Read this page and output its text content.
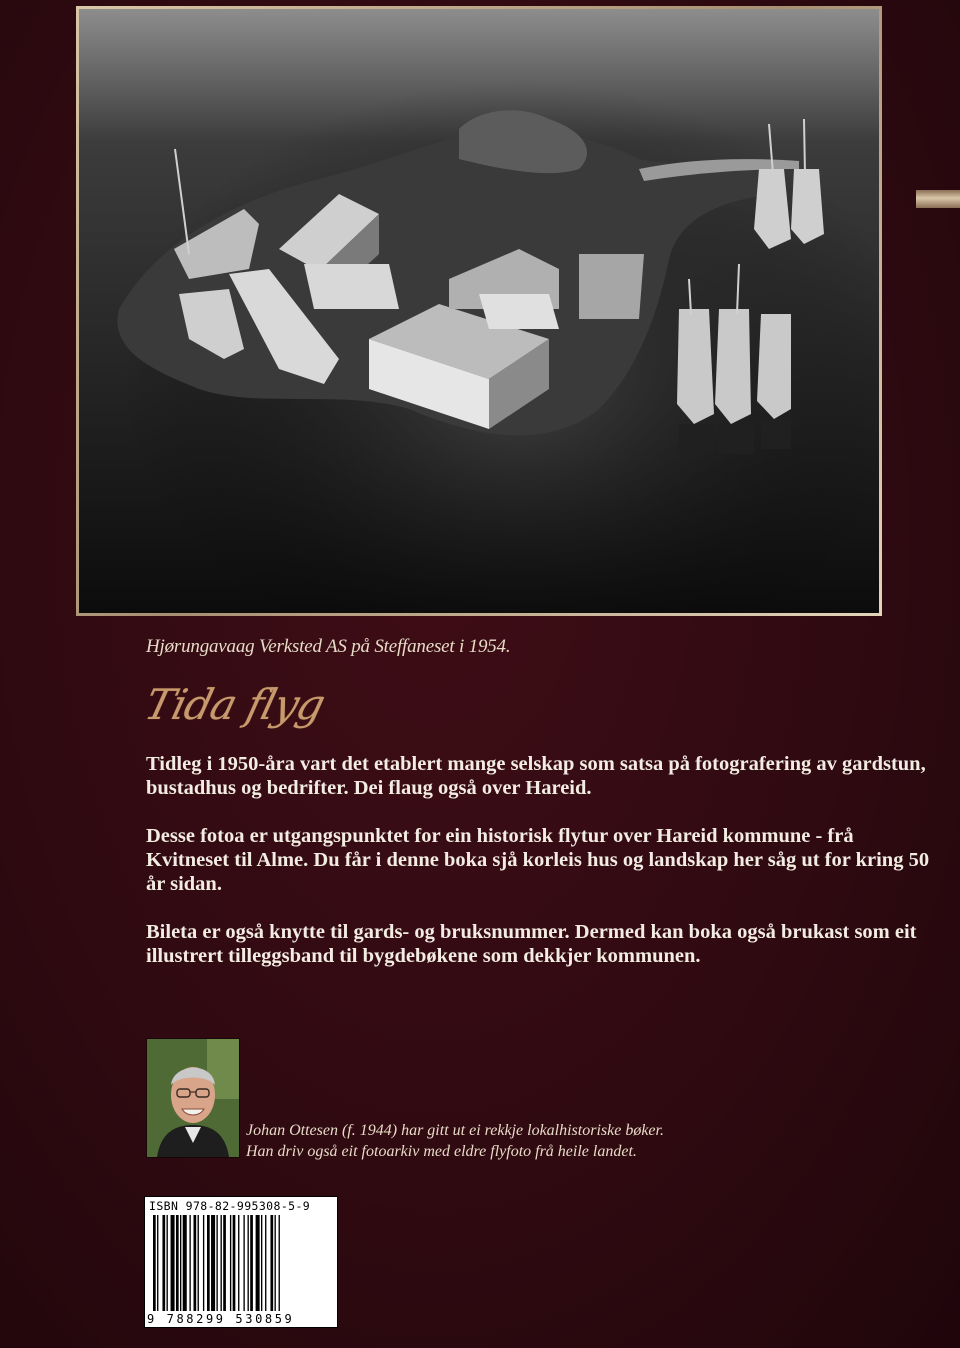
Hjørungavaag Verksted AS på Steffaneset i 1954.
Tida flyg

Tidleg i 1950-åra vart det etablert mange selskap som satsa på fotografering av gardstun, bustadhus og bedrifter. Dei flaug også over Hareid.

Desse fotoa er utgangspunktet for ein historisk flytur over Hareid kommune - frå Kvitneset til Alme. Du får i denne boka sjå korleis hus og landskap her såg ut for kring 50 år sidan.

Bileta er også knytte til gards- og bruksnummer. Dermed kan boka også brukast som eit illustrert tilleggsband til bygdebøkene som dekkjer kommunen.

Johan Ottesen (f. 1944) har gitt ut ei rekkje lokalhistoriske bøker.
Han driv også eit fotoarkiv med eldre flyfoto frå heile landet.
ISBN 978-82-995308-5-9
9 788299 530859
